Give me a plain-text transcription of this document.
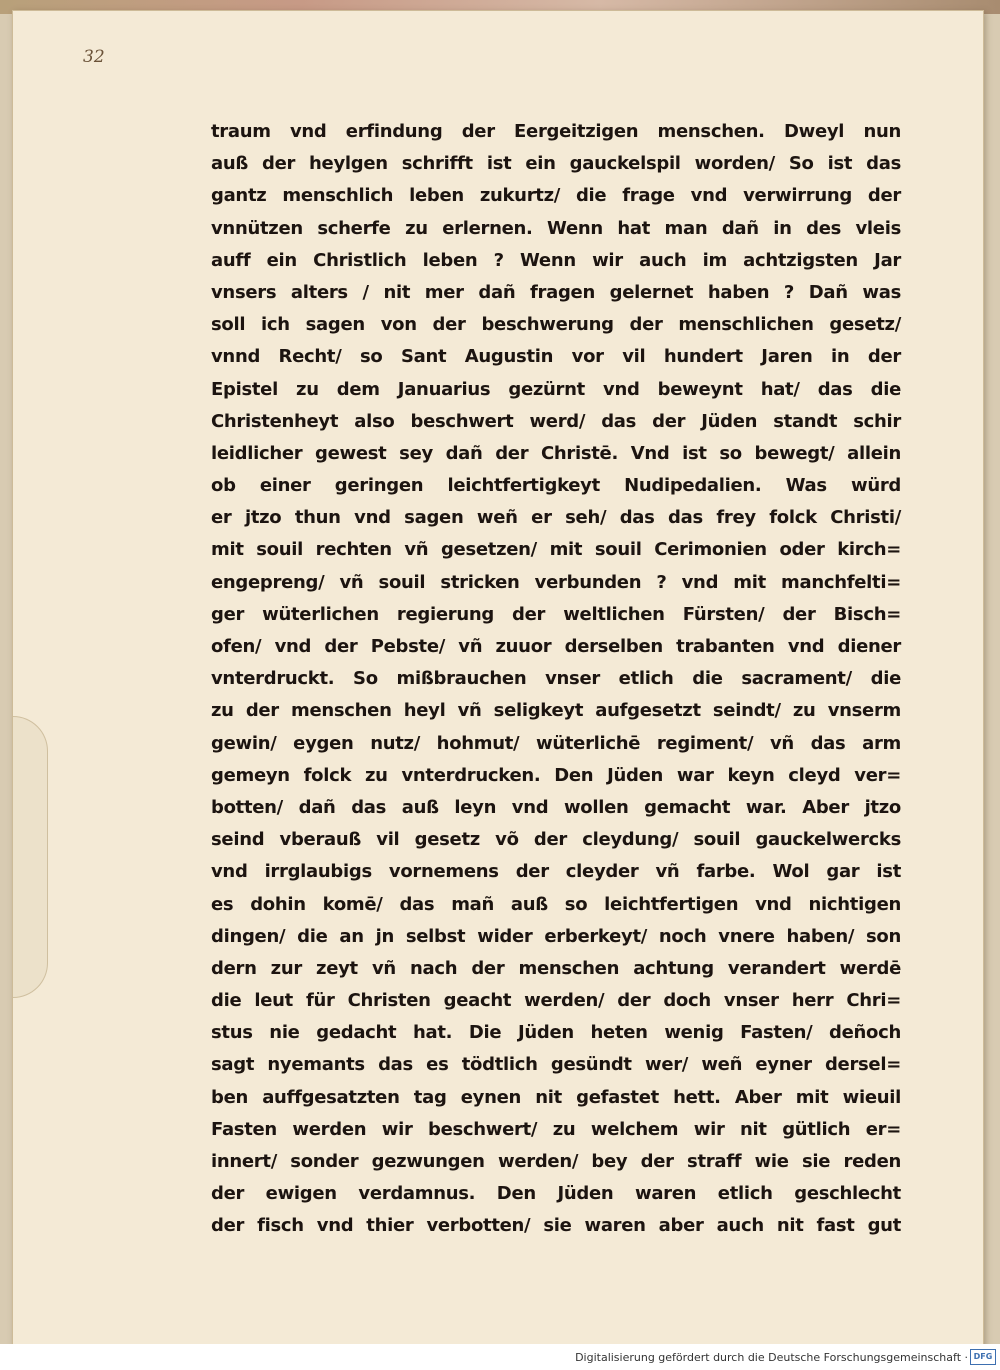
32
traum vnd erfindung der Eergeitzigen menschen. Dweyl nun
auß der heylgen schrifft ist ein gauckelspil worden/ So ist das
gantz menschlich leben zukurtz/ die frage vnd verwirrung der
vnnützen scherfe zu erlernen. Wenn hat man dañ in des vleis
auff ein Christlich leben ? Wenn wir auch im achtzigsten Jar
vnsers alters / nit mer dañ fragen gelernet haben ? Dañ was
soll ich sagen von der beschwerung der menschlichen gesetz/
vnnd Recht/ so Sant Augustin vor vil hundert Jaren in der
Epistel zu dem Januarius gezürnt vnd beweynt hat/ das die
Christenheyt also beschwert werd/ das der Jüden standt schir
leidlicher gewest sey dañ der Christē. Vnd ist so bewegt/ allein
ob einer geringen leichtfertigkeyt Nudipedalien. Was würd
er jtzo thun vnd sagen weñ er seh/ das das frey folck Christi/
mit souil rechten vñ gesetzen/ mit souil Cerimonien oder kirch=
engepreng/ vñ souil stricken verbunden ? vnd mit manchfelti=
ger wüterlichen regierung der weltlichen Fürsten/ der Bisch=
ofen/ vnd der Pebste/ vñ zuuor derselben trabanten vnd diener
vnterdruckt. So mißbrauchen vnser etlich die sacrament/ die
zu der menschen heyl vñ seligkeyt aufgesetzt seindt/ zu vnserm
gewin/ eygen nutz/ hohmut/ wüterlichē regiment/ vñ das arm
gemeyn folck zu vnterdrucken. Den Jüden war keyn cleyd ver=
botten/ dañ das auß leyn vnd wollen gemacht war. Aber jtzo
seind vberauß vil gesetz võ der cleydung/ souil gauckelwercks
vnd irrglaubigs vornemens der cleyder vñ farbe. Wol gar ist
es dohin komē/ das mañ auß so leichtfertigen vnd nichtigen
dingen/ die an jn selbst wider erberkeyt/ noch vnere haben/ son
dern zur zeyt vñ nach der menschen achtung verandert werdē
die leut für Christen geacht werden/ der doch vnser herr Chri=
stus nie gedacht hat. Die Jüden heten wenig Fasten/ deñoch
sagt nyemants das es tödtlich gesündt wer/ weñ eyner dersel=
ben auffgesatzten tag eynen nit gefastet hett. Aber mit wieuil
Fasten werden wir beschwert/ zu welchem wir nit gütlich er=
innert/ sonder gezwungen werden/ bey der straff wie sie reden
der ewigen verdamnus. Den Jüden waren etlich geschlecht
der fisch vnd thier verbotten/ sie waren aber auch nit fast gut
Digitalisierung gefördert durch die Deutsche Forschungsgemeinschaft · DFG
